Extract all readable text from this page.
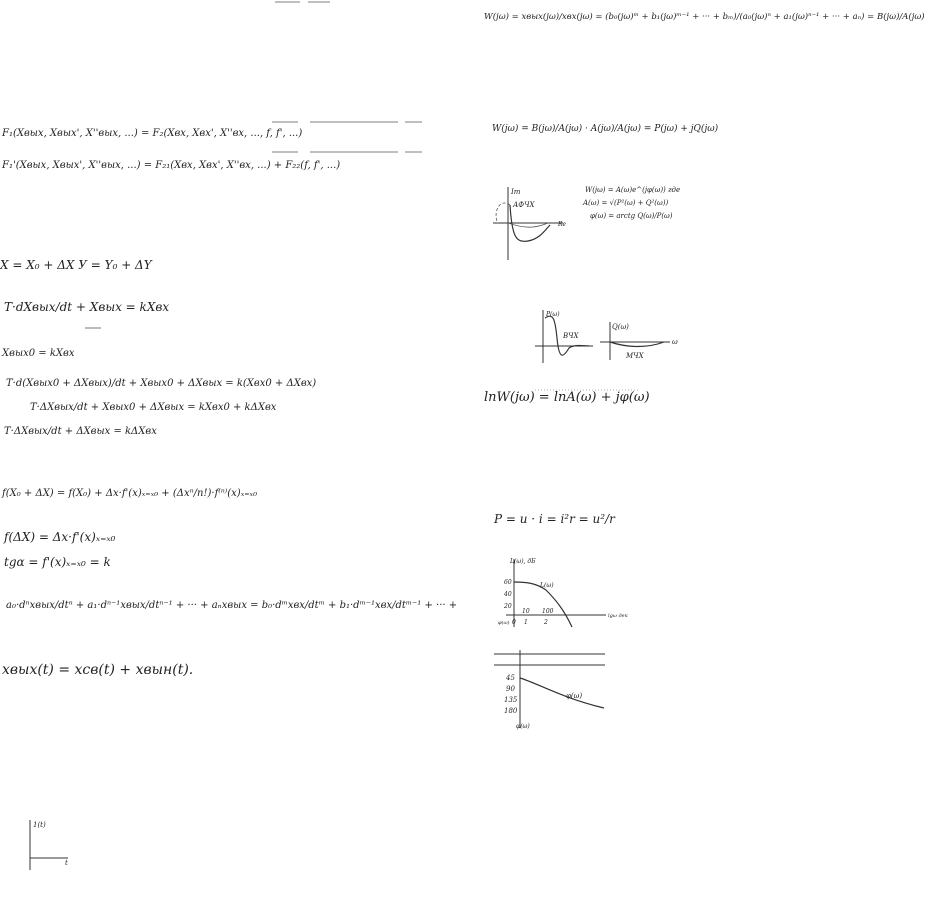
F₁(Xвых, Xвых', X''вых, ...) = F₂(Xвх, Xвх', X''вх, ..., f, f', ...)
F₁'(Xвых, Xвых', X''вых, ...) = F₂₁(Xвх, Xвх', X''вх, ...) + F₂₂(f, f', ...)
X = X₀ + ΔX У = Y₀ + ΔY
T·dXвых/dt + Xвых = kXвх
Xвых0 = kXвх
T·d(Xвых0 + ΔXвых)/dt + Xвых0 + ΔXвых = k(Xвх0 + ΔXвх)
T·ΔXвых/dt + Xвых0 + ΔXвых = kXвх0 + kΔXвх
T·ΔXвых/dt + ΔXвых = kΔXвх
f(X₀ + ΔX) = f(X₀) + Δx·f'(x)ₓ₌ₓ₀ + (Δxⁿ/n!)·f⁽ⁿ⁾(x)ₓ₌ₓ₀
f(ΔX) = Δx·f'(x)ₓ₌ₓ₀
tgα = f'(x)ₓ₌ₓ₀ = k
a₀·dⁿxвых/dtⁿ + a₁·dⁿ⁻¹xвых/dtⁿ⁻¹ + ··· + aₙxвых = b₀·dᵐxвх/dtᵐ + b₁·dᵐ⁻¹xвх/dtᵐ⁻¹ + ··· +
xвых(t) = xсв(t) + xвын(t).
1(t)
t
W(jω) = xвых(jω)/xвх(jω) = (b₀(jω)ᵐ + b₁(jω)ᵐ⁻¹ + ··· + bₘ)/(a₀(jω)ⁿ + a₁(jω)ⁿ⁻¹ + ··· + aₙ) = B(jω)/A(jω)
W(jω) = B(jω)/A(jω) · A(jω)/A(jω) = P(jω) + jQ(jω)
Im
АФЧХ
Re
W(jω) = A(ω)e^(jφ(ω)) где
A(ω) = √(P²(ω) + Q²(ω))
φ(ω) = arctg Q(ω)/P(ω)
P(ω)
ВЧХ
Q(ω)
МЧХ
ω
lnW(jω) = lnA(ω) + jφ(ω)
P = u · i = i²r = u²/r
L(ω), дБ
L(ω)
lgω дек
60
40
20
0 1	2
10 100
φ(ω)
45
90
135
180
φ(ω)
φ(ω)
